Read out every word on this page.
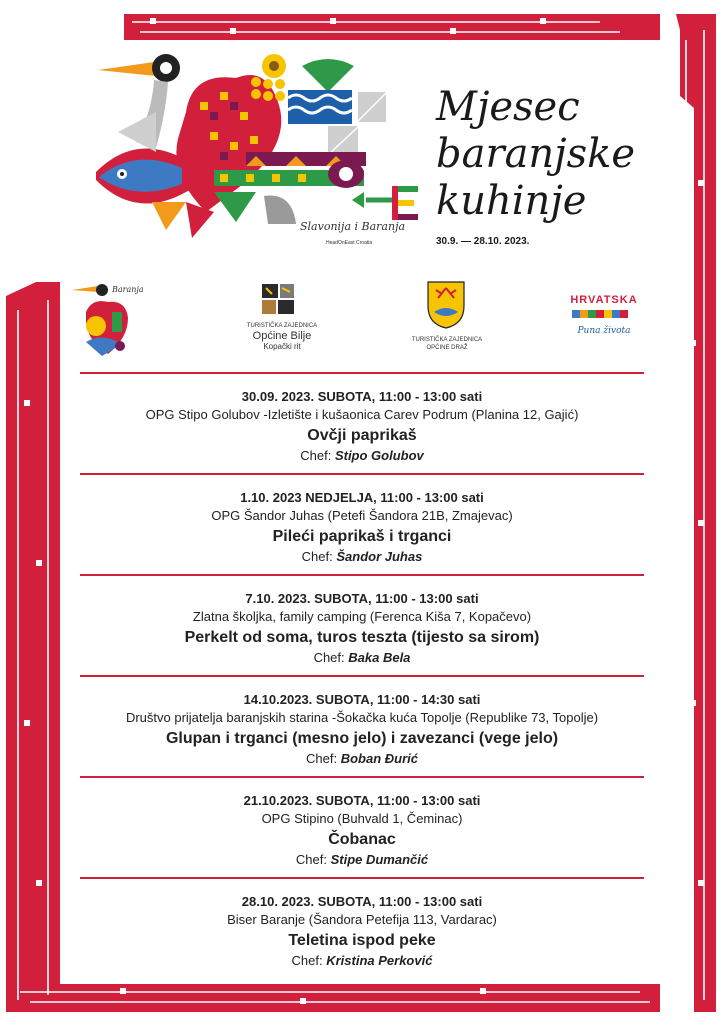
Slavonija i Baranja
HeadOnEast Croatia
Mjesec
baranjske
kuhinje
30.9. — 28.10. 2023.
Baranja
TURISTIČKA ZAJEDNICA
Općine Bilje
Kopački rit
TURISTIČKA ZAJEDNICA
OPĆINE DRAŽ
HRVATSKA
Puna života
30.09. 2023. SUBOTA, 11:00 - 13:00 sati
OPG Stipo Golubov -Izletište i kušaonica Carev Podrum (Planina 12, Gajić)
Ovčji paprikaš
Chef: Stipo Golubov
1.10. 2023 NEDJELJA, 11:00 - 13:00 sati
OPG Šandor Juhas (Petefi Šandora 21B, Zmajevac)
Pileći paprikaš i trganci
Chef: Šandor Juhas
7.10. 2023. SUBOTA, 11:00 - 13:00 sati
Zlatna školjka, family camping (Ferenca Kiša 7, Kopačevo)
Perkelt od soma, turos teszta (tijesto sa sirom)
Chef: Baka Bela
14.10.2023. SUBOTA, 11:00 - 14:30 sati
Društvo prijatelja baranjskih starina -Šokačka kuća Topolje (Republike 73, Topolje)
Glupan i trganci (mesno jelo) i zavezanci (vege jelo)
Chef: Boban Đurić
21.10.2023. SUBOTA, 11:00 - 13:00 sati
OPG Stipino (Buhvald 1, Čeminac)
Čobanac
Chef: Stipe Dumančić
28.10. 2023. SUBOTA, 11:00 - 13:00 sati
Biser Baranje (Šandora Petefija 113, Vardarac)
Teletina ispod peke
Chef: Kristina Perković
